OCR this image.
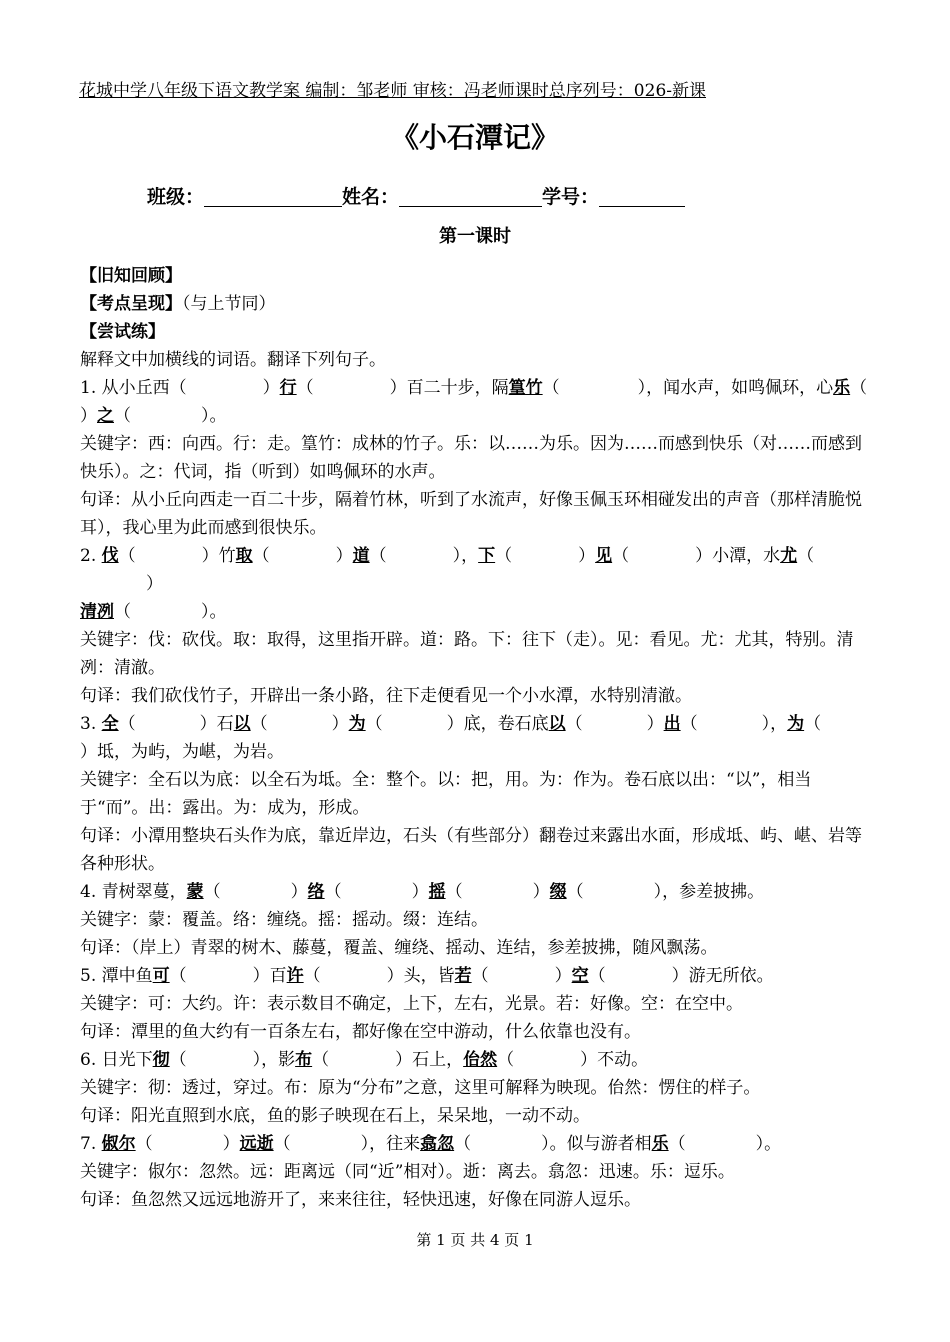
花城中学八年级下语文教学案 编制：邹老师 审核：冯老师课时总序列号：026-新课
《小石潭记》
班级：	姓名：	学号：
第一课时

【旧知回顾】

【考点呈现】（与上节同）

【尝试练】

解释文中加横线的词语。翻译下列句子。

1. 从小丘西（	）行（	）百二十步，隔篁竹（	），闻水声，如鸣佩环，心乐（

）之（	）。

关键字：西：向西。行：走。篁竹：成林的竹子。乐：以……为乐。因为……而感到快乐（对……而感到快乐）。之：代词，指（听到）如鸣佩环的水声。

句译：从小丘向西走一百二十步，隔着竹林，听到了水流声，好像玉佩玉环相碰发出的声音（那样清脆悦耳），我心里为此而感到很快乐。

2. 伐（	）竹取（	）道（	），下（	）见（	）小潭，水尤（）

清冽（	）。

关键字：伐：砍伐。取：取得，这里指开辟。道：路。下：往下（走）。见：看见。尤：尤其，特别。清冽：清澈。

句译：我们砍伐竹子，开辟出一条小路，往下走便看见一个小水潭，水特别清澈。

3. 全（	）石以（	）为（	）底，卷石底以（	）出（	），为（

）坻，为屿，为嵁，为岩。

关键字：全石以为底：以全石为坻。全：整个。以：把，用。为：作为。卷石底以出：“以”，相当于“而”。出：露出。为：成为，形成。

句译：小潭用整块石头作为底，靠近岸边，石头（有些部分）翻卷过来露出水面，形成坻、屿、嵁、岩等各种形状。

4. 青树翠蔓，蒙（	）络（	）摇（	）缀（	），参差披拂。

关键字：蒙：覆盖。络：缠绕。摇：摇动。缀：连结。

句译：（岸上）青翠的树木、藤蔓，覆盖、缠绕、摇动、连结，参差披拂，随风飘荡。

5. 潭中鱼可（	）百许（	）头，皆若（	）空（	）游无所依。

关键字：可：大约。许：表示数目不确定，上下，左右，光景。若：好像。空：在空中。

句译：潭里的鱼大约有一百条左右，都好像在空中游动，什么依靠也没有。

6. 日光下彻（	），影布（	）石上，佁然（	）不动。

关键字：彻：透过，穿过。布：原为“分布”之意，这里可解释为映现。佁然：愣住的样子。

句译：阳光直照到水底，鱼的影子映现在石上，呆呆地，一动不动。

7. 俶尔（	）远逝（	），往来翕忽（	）。似与游者相乐（	）。

关键字：俶尔：忽然。远：距离远（同“近”相对）。逝：离去。翕忽：迅速。乐：逗乐。

句译：鱼忽然又远远地游开了，来来往往，轻快迅速，好像在同游人逗乐。

第 1 页 共 4 页 1
